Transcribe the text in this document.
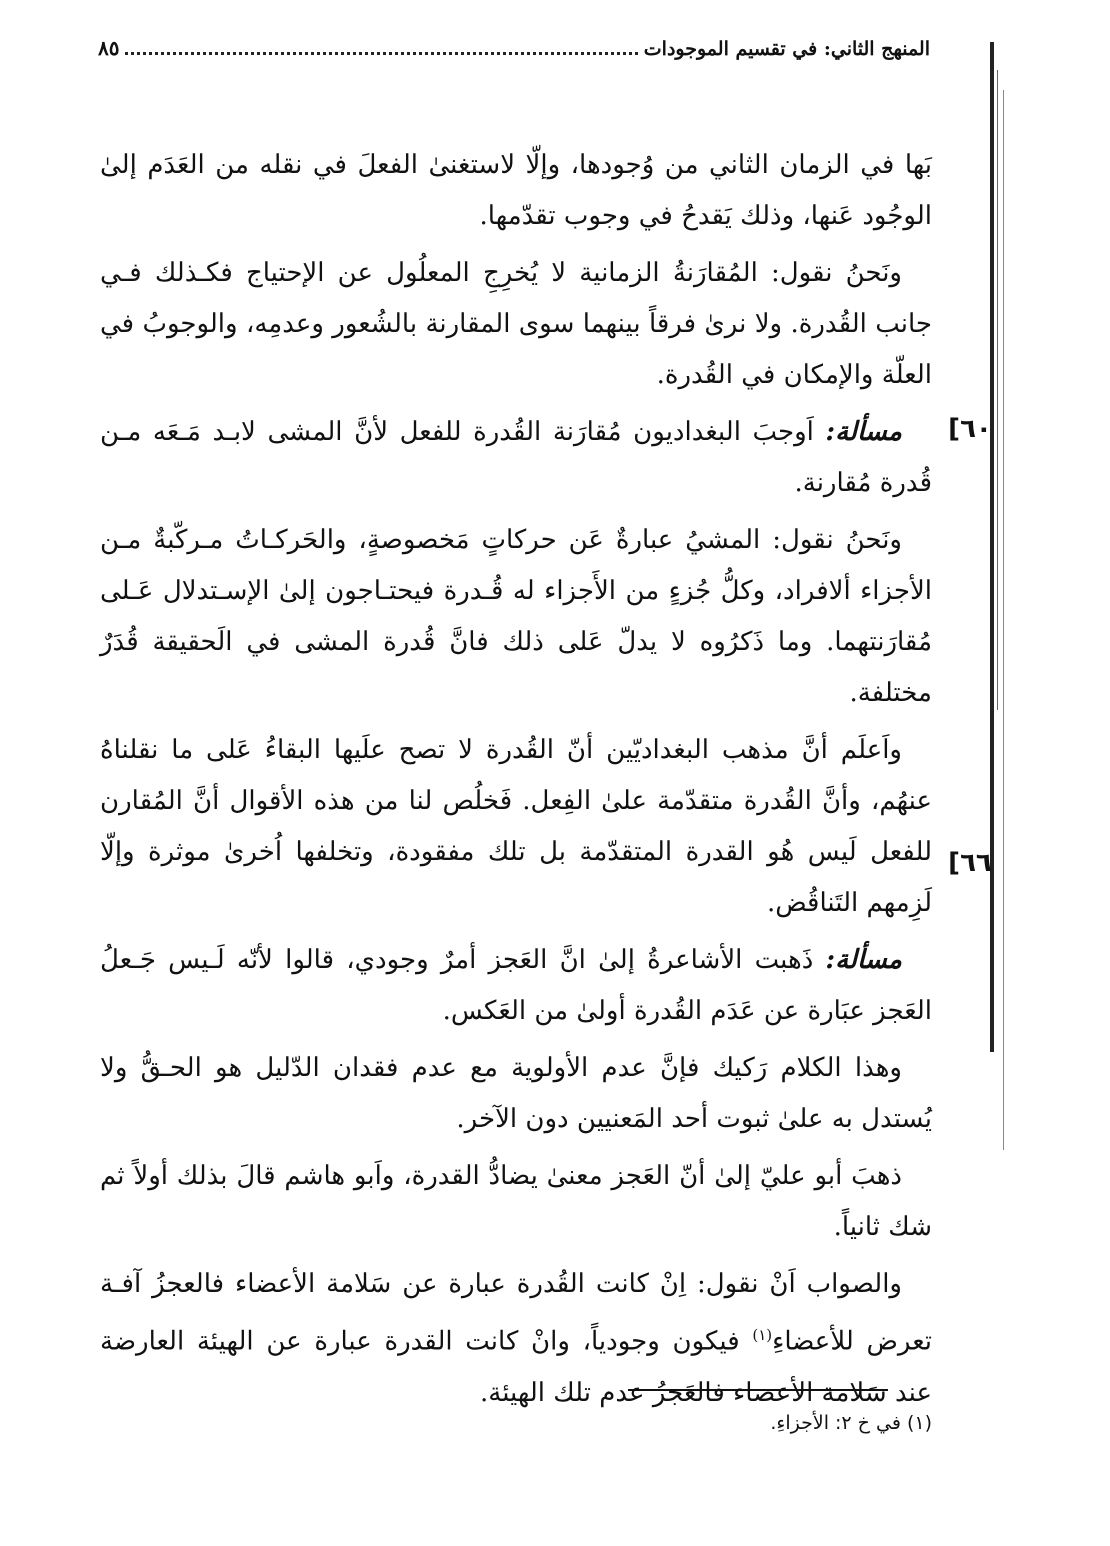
المنهج الثاني: في تقسيم الموجودات
٨٥
٦٠]
٦٦]

بَها في الزمان الثاني من وُجودها، وإلّا لاستغنىٰ الفعلَ في نقله من العَدَم إلىٰ الوجُود عَنها، وذلك يَقدحُ في وجوب تقدّمها.

ونَحنُ نقول: المُقارَنةُ الزمانية لا يُخرِجِ المعلُول عن الإحتياج فكـذلك فـي جانب القُدرة. ولا نرىٰ فرقاً بينهما سوى المقارنة بالشُعور وعدمِه، والوجوبُ في العلّة والإمكان في القُدرة.

مسألة: اَوجبَ البغداديون مُقارَنة القُدرة للفعل لأنَّ المشى لابـد مَـعَه مـن قُدرة مُقارنة.

ونَحنُ نقول: المشيُ عبارةٌ عَن حركاتٍ مَخصوصةٍ، والحَركـاتُ مـركّبةٌ مـن الأجزاء ألافراد، وكلُّ جُزءٍ من الأَجزاء له قُـدرة فيحتـاجون إلىٰ الإسـتدلال عَـلى مُقارَنتهما. وما ذَكرُوه لا يدلّ عَلى ذلك فانَّ قُدرة المشى في الَحقيقة قُدَرٌ مختلفة.

واَعلَم أنَّ مذهب البغداديّين أنّ القُدرة لا تصح علَيها البقاءُ عَلى ما نقلناهُ عنهُم، وأنَّ القُدرة متقدّمة علىٰ الفِعل. فَخلُص لنا من هذه الأقوال أنَّ المُقارن للفعل لَيس هُو القدرة المتقدّمة بل تلك مفقودة، وتخلفها اُخرىٰ موثرة وإلّا لَزِمهم التَناقُض.

مسألة: ذَهبت الأشاعرةُ إلىٰ انَّ العَجز أمرٌ وجودي، قالوا لأنّه لَـيس جَـعلُ العَجز عبَارة عن عَدَم القُدرة أولىٰ من العَكس.

وهذا الكلام رَكيك فإنَّ عدم الأولوية مع عدم فقدان الدّليل هو الحـقُّ ولا يُستدل به علىٰ ثبوت أحد المَعنيين دون الآخر.

ذهبَ أبو عليّ إلىٰ أنّ العَجز معنىٰ يضادُّ القدرة، واَبو هاشم قالَ بذلك أولاً ثم شك ثانياً.

والصواب اَنْ نقول: اِنْ كانت القُدرة عبارة عن سَلامة الأعضاء فالعجزُ آفـة تعرض للأعضاءِ$^{(١)}$ فيكون وجودياً، وانْ كانت القدرة عبارة عن الهيئة العارضة عند سَلامة الأعضاء فالعَجزُ عدم تلك الهيئة.

(١) في خ ٢: الأجزاءِ.
